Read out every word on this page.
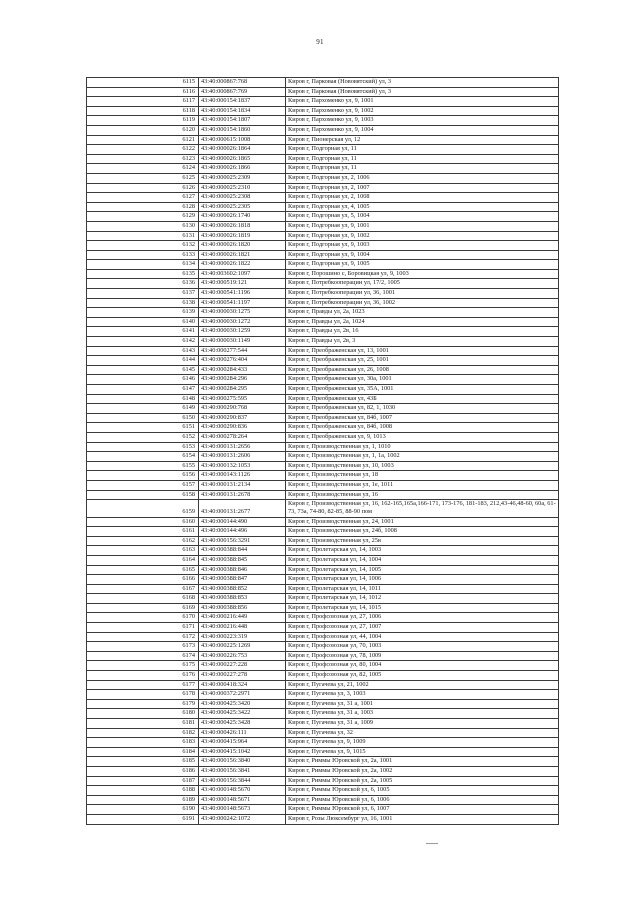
91
6115	43:40:000867:768	Киров г, Парковая (Нововятский) ул, 3
6116	43:40:000867:769	Киров г, Парковая (Нововятский) ул, 3
6117	43:40:000154:1837	Киров г, Пархоменко ул, 9, 1001
6118	43:40:000154:1834	Киров г, Пархоменко ул, 9, 1002
6119	43:40:000154:1807	Киров г, Пархоменко ул, 9, 1003
6120	43:40:000154:1860	Киров г, Пархоменко ул, 9, 1004
6121	43:40:000615:1008	Киров г, Пионерская ул, 12
6122	43:40:000026:1864	Киров г, Подгорная ул, 11
6123	43:40:000026:1865	Киров г, Подгорная ул, 11
6124	43:40:000026:1866	Киров г, Подгорная ул, 11
6125	43:40:000025:2309	Киров г, Подгорная ул, 2, 1006
6126	43:40:000025:2310	Киров г, Подгорная ул, 2, 1007
6127	43:40:000025:2308	Киров г, Подгорная ул, 2, 1008
6128	43:40:000025:2305	Киров г, Подгорная ул, 4, 1005
6129	43:40:000026:1740	Киров г, Подгорная ул, 5, 1004
6130	43:40:000026:1818	Киров г, Подгорная ул, 9, 1001
6131	43:40:000026:1819	Киров г, Подгорная ул, 9, 1002
6132	43:40:000026:1820	Киров г, Подгорная ул, 9, 1003
6133	43:40:000026:1821	Киров г, Подгорная ул, 9, 1004
6134	43:40:000026:1822	Киров г, Подгорная ул, 9, 1005
6135	43:40:003602:1097	Киров г, Порошино с, Боровицкая ул, 9, 1003
6136	43:40:000519:121	Киров г, Потребкооперации ул, 17/2, 1005
6137	43:40:000541:1196	Киров г, Потребкооперации ул, 36, 1001
6138	43:40:000541:1197	Киров г, Потребкооперации ул, 36, 1002
6139	43:40:000030:1275	Киров г, Правды ул, 2а, 1023
6140	43:40:000030:1272	Киров г, Правды ул, 2а, 1024
6141	43:40:000030:1259	Киров г, Правды ул, 2в, 16
6142	43:40:000030:1149	Киров г, Правды ул, 2в, 3
6143	43:40:000277:544	Киров г, Преображенская ул, 13, 1001
6144	43:40:000276:404	Киров г, Преображенская ул, 25, 1001
6145	43:40:000284:433	Киров г, Преображенская ул, 26, 1008
6146	43:40:000284:296	Киров г, Преображенская ул, 30а, 1001
6147	43:40:000284:295	Киров г, Преображенская ул, 35А, 1001
6148	43:40:000275:595	Киров г, Преображенская ул, 43Б
6149	43:40:000290:768	Киров г, Преображенская ул, 82, 1, 1030
6150	43:40:000290:837	Киров г, Преображенская ул, 84б, 1007
6151	43:40:000290:836	Киров г, Преображенская ул, 84б, 1008
6152	43:40:000278:264	Киров г, Преображенская ул, 9, 1013
6153	43:40:000131:2656	Киров г, Производственная ул, 1, 1010
6154	43:40:000131:2606	Киров г, Производственная ул, 1, 1а, 1002
6155	43:40:000132:1053	Киров г, Производственная ул, 10, 1003
6156	43:40:000143:1126	Киров г, Производственная ул, 18
6157	43:40:000131:2134	Киров г, Производственная ул, 1е, 1011
6158	43:40:000131:2678	Киров г, Производственная ул, 16
6159	43:40:000131:2677	Киров г, Производственная ул, 16, 162-165,165а,166-171, 173-176, 181-183, 212,43-46,48-60, 60а, 61-73, 73а, 74-80, 82-85, 88-90 пом
6160	43:40:000144:490	Киров г, Производственная ул, 24, 1001
6161	43:40:000144:496	Киров г, Производственная ул, 24б, 1008
6162	43:40:000156:3291	Киров г, Производственная ул, 25в
6163	43:40:000388:844	Киров г, Пролетарская ул, 14, 1003
6164	43:40:000388:845	Киров г, Пролетарская ул, 14, 1004
6165	43:40:000388:846	Киров г, Пролетарская ул, 14, 1005
6166	43:40:000388:847	Киров г, Пролетарская ул, 14, 1006
6167	43:40:000388:852	Киров г, Пролетарская ул, 14, 1011
6168	43:40:000388:853	Киров г, Пролетарская ул, 14, 1012
6169	43:40:000388:856	Киров г, Пролетарская ул, 14, 1015
6170	43:40:000216:449	Киров г, Профсоюзная ул, 27, 1006
6171	43:40:000216:448	Киров г, Профсоюзная ул, 27, 1007
6172	43:40:000223:319	Киров г, Профсоюзная ул, 44, 1004
6173	43:40:000225:1269	Киров г, Профсоюзная ул, 70, 1003
6174	43:40:000226:753	Киров г, Профсоюзная ул, 78, 1009
6175	43:40:000227:228	Киров г, Профсоюзная ул, 80, 1004
6176	43:40:000227:278	Киров г, Профсоюзная ул, 82, 1005
6177	43:40:000418:324	Киров г, Пугачева ул, 21, 1002
6178	43:40:000372:2971	Киров г, Пугачева ул, 3, 1003
6179	43:40:000425:3420	Киров г, Пугачева ул, 31 а, 1001
6180	43:40:000425:3422	Киров г, Пугачева ул, 31 а, 1003
6181	43:40:000425:3428	Киров г, Пугачева ул, 31 а, 1009
6182	43:40:000426:111	Киров г, Пугачева ул, 32
6183	43:40:000415:964	Киров г, Пугачева ул, 9, 1009
6184	43:40:000415:1042	Киров г, Пугачева ул, 9, 1015
6185	43:40:000156:3840	Киров г, Риммы Юровской ул, 2а, 1001
6186	43:40:000156:3841	Киров г, Риммы Юровской ул, 2а, 1002
6187	43:40:000156:3844	Киров г, Риммы Юровской ул, 2а, 1005
6188	43:40:000148:5670	Киров г, Риммы Юровской ул, 6, 1005
6189	43:40:000148:5671	Киров г, Риммы Юровской ул, 6, 1006
6190	43:40:000148:5673	Киров г, Риммы Юровской ул, 6, 1007
6191	43:40:000242:1072	Киров г, Розы Люксембург ул, 16, 1001
